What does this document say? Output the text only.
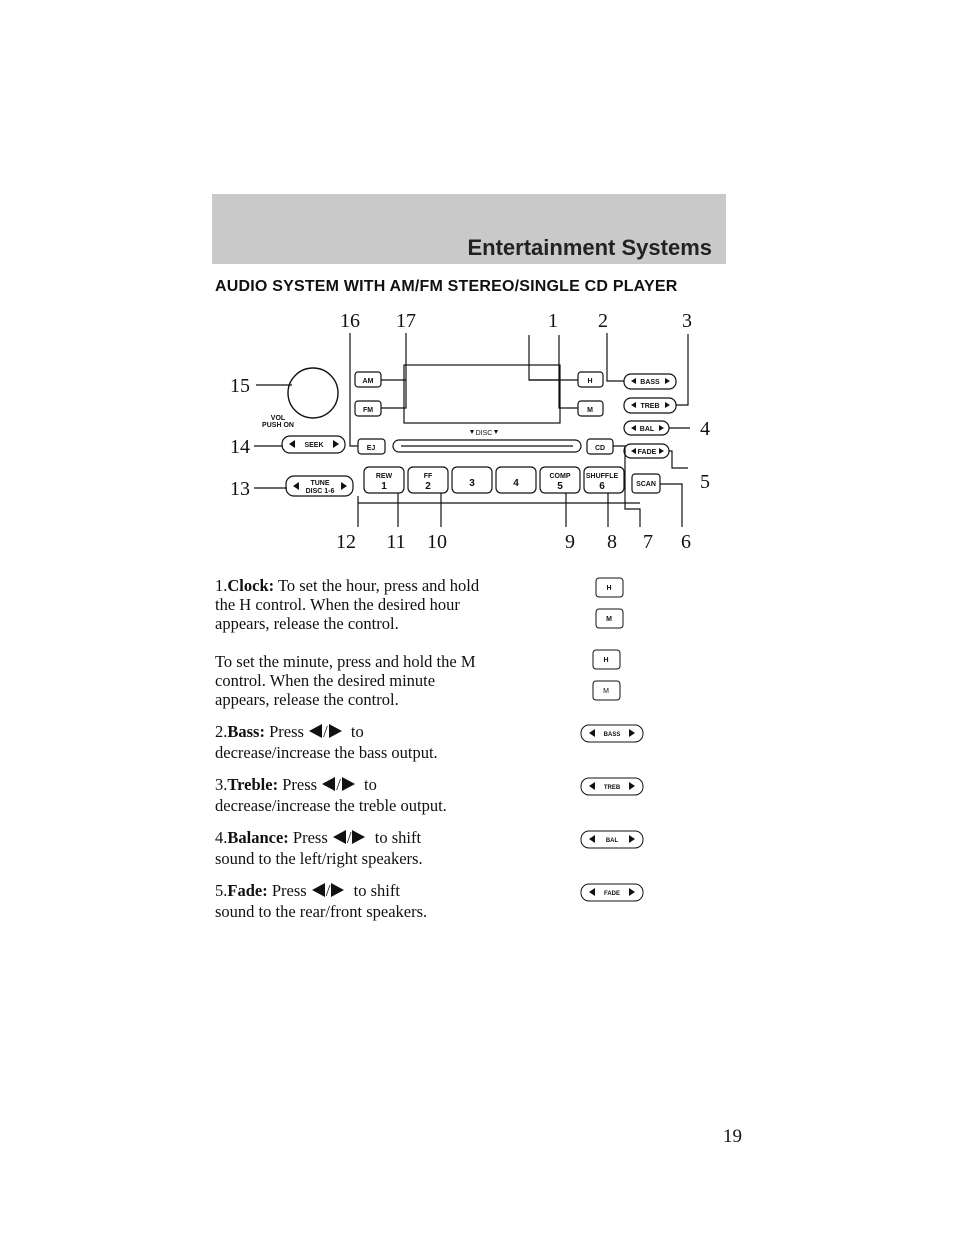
Entertainment Systems
AUDIO SYSTEM WITH AM/FM STEREO/SINGLE CD PLAYER
AM
FM
H
M
EJ	CD
BASS
TREB
BAL
FADE
SEEK
TUNE
DISC 1-6
REW	FF	COMP SHUFFLE
SCAN
VOL
PUSH ON
DISC
1	2	3	4	5	6
16 17	1 2	3
15
4
14
5
13
12 11 10	9 8 7 6
1.Clock: To set the hour, press and hold the H control. When the desired hour appears, release the control.
To set the minute, press and hold the M control. When the desired minute appears, release the control.
2.Bass: Press / to
decrease/increase the bass output.
3.Treble: Press / to
decrease/increase the treble output.
4.Balance: Press / to shift
sound to the left/right speakers.
5.Fade: Press / to shift
sound to the rear/front speakers.
H
M
H
M
BASS
TREB
BAL
FADE
19
